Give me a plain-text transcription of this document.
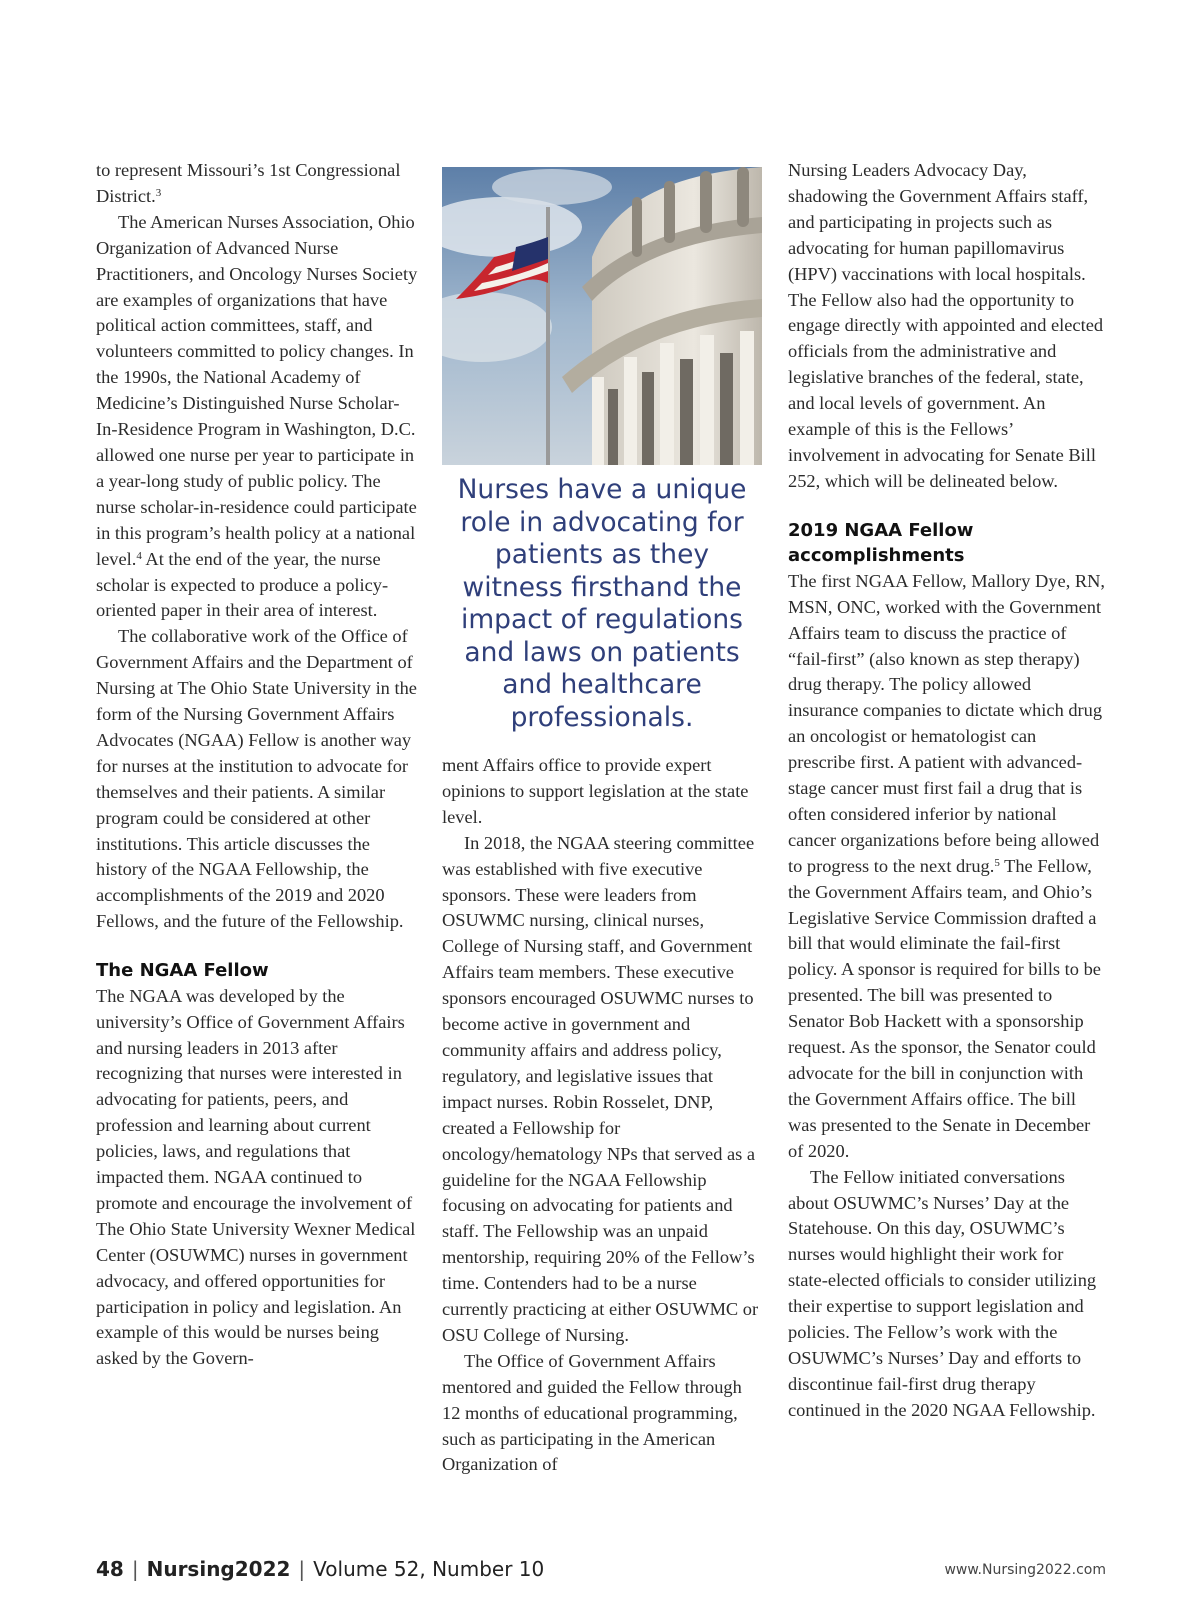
to represent Missouri’s 1st Congressional District.$^3$

The American Nurses Association, Ohio Organization of Advanced Nurse Practitioners, and Oncology Nurses Society are examples of organizations that have political action committees, staff, and volunteers committed to policy changes. In the 1990s, the National Academy of Medicine’s Distinguished Nurse Scholar-In-Residence Program in Washington, D.C. allowed one nurse per year to participate in a year-long study of public policy. The nurse scholar-in-residence could participate in this program’s health policy at a national level.$^4$ At the end of the year, the nurse scholar is expected to produce a policy-oriented paper in their area of interest.

The collaborative work of the Office of Government Affairs and the Department of Nursing at The Ohio State University in the form of the Nursing Government Affairs Advocates (NGAA) Fellow is another way for nurses at the institution to advocate for themselves and their patients. A similar program could be considered at other institutions. This article discusses the history of the NGAA Fellowship, the accomplishments of the 2019 and 2020 Fellows, and the future of the Fellowship.

The NGAA Fellow

The NGAA was developed by the university’s Office of Government Affairs and nursing leaders in 2013 after recognizing that nurses were interested in advocating for patients, peers, and profession and learning about current policies, laws, and regulations that impacted them. NGAA continued to promote and encourage the involvement of The Ohio State University Wexner Medical Center (OSUWMC) nurses in government advocacy, and offered opportunities for participation in policy and legislation. An example of this would be nurses being asked by the Govern-

Nurses have a unique role in advocating for patients as they witness firsthand the impact of regulations and laws on patients and healthcare professionals.

ment Affairs office to provide expert opinions to support legislation at the state level.

In 2018, the NGAA steering committee was established with five executive sponsors. These were leaders from OSUWMC nursing, clinical nurses, College of Nursing staff, and Government Affairs team members. These executive sponsors encouraged OSUWMC nurses to become active in government and community affairs and address policy, regulatory, and legislative issues that impact nurses. Robin Rosselet, DNP, created a Fellowship for oncology/hematology NPs that served as a guideline for the NGAA Fellowship focusing on advocating for patients and staff. The Fellowship was an unpaid mentorship, requiring 20% of the Fellow’s time. Contenders had to be a nurse currently practicing at either OSUWMC or OSU College of Nursing.

The Office of Government Affairs mentored and guided the Fellow through 12 months of educational programming, such as participating in the American Organization of

Nursing Leaders Advocacy Day, shadowing the Government Affairs staff, and participating in projects such as advocating for human papillomavirus (HPV) vaccinations with local hospitals. The Fellow also had the opportunity to engage directly with appointed and elected officials from the administrative and legislative branches of the federal, state, and local levels of government. An example of this is the Fellows’ involvement in advocating for Senate Bill 252, which will be delineated below.

2019 NGAA Fellow accomplishments

The first NGAA Fellow, Mallory Dye, RN, MSN, ONC, worked with the Government Affairs team to discuss the practice of “fail-first” (also known as step therapy) drug therapy. The policy allowed insurance companies to dictate which drug an oncologist or hematologist can prescribe first. A patient with advanced-stage cancer must first fail a drug that is often considered inferior by national cancer organizations before being allowed to progress to the next drug.$^5$ The Fellow, the Government Affairs team, and Ohio’s Legislative Service Commission drafted a bill that would eliminate the fail-first policy. A sponsor is required for bills to be presented. The bill was presented to Senator Bob Hackett with a sponsorship request. As the sponsor, the Senator could advocate for the bill in conjunction with the Government Affairs office. The bill was presented to the Senate in December of 2020.

The Fellow initiated conversations about OSUWMC’s Nurses’ Day at the Statehouse. On this day, OSUWMC’s nurses would highlight their work for state-elected officials to consider utilizing their expertise to support legislation and policies. The Fellow’s work with the OSUWMC’s Nurses’ Day and efforts to discontinue fail-first drug therapy continued in the 2020 NGAA Fellowship.

48 | Nursing2022 | Volume 52, Number 10	www.Nursing2022.com
